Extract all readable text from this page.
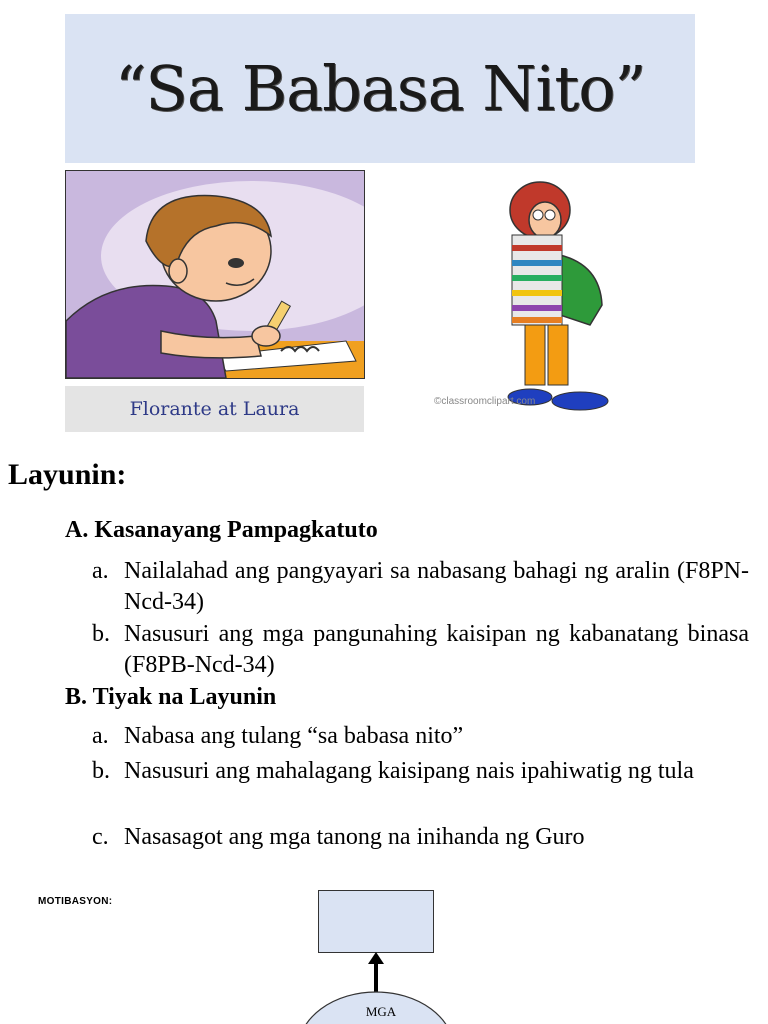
“Sa Babasa Nito”
Florante at Laura	©classroomclipart.com
Layunin:
A. Kasanayang Pampagkatuto
a. Nailalahad ang pangyayari sa nabasang bahagi ng aralin (F8PN-Ncd-34)
b. Nasusuri ang mga pangunahing kaisipan ng kabanatang binasa (F8PB-Ncd-34)
B. Tiyak na Layunin
a. Nabasa ang tulang “sa babasa nito”
b. Nasusuri ang mahalagang kaisipang nais ipahiwatig ng tula
c. Nasasagot ang mga tanong na inihanda ng Guro
MOTIBASYON:
MGA
